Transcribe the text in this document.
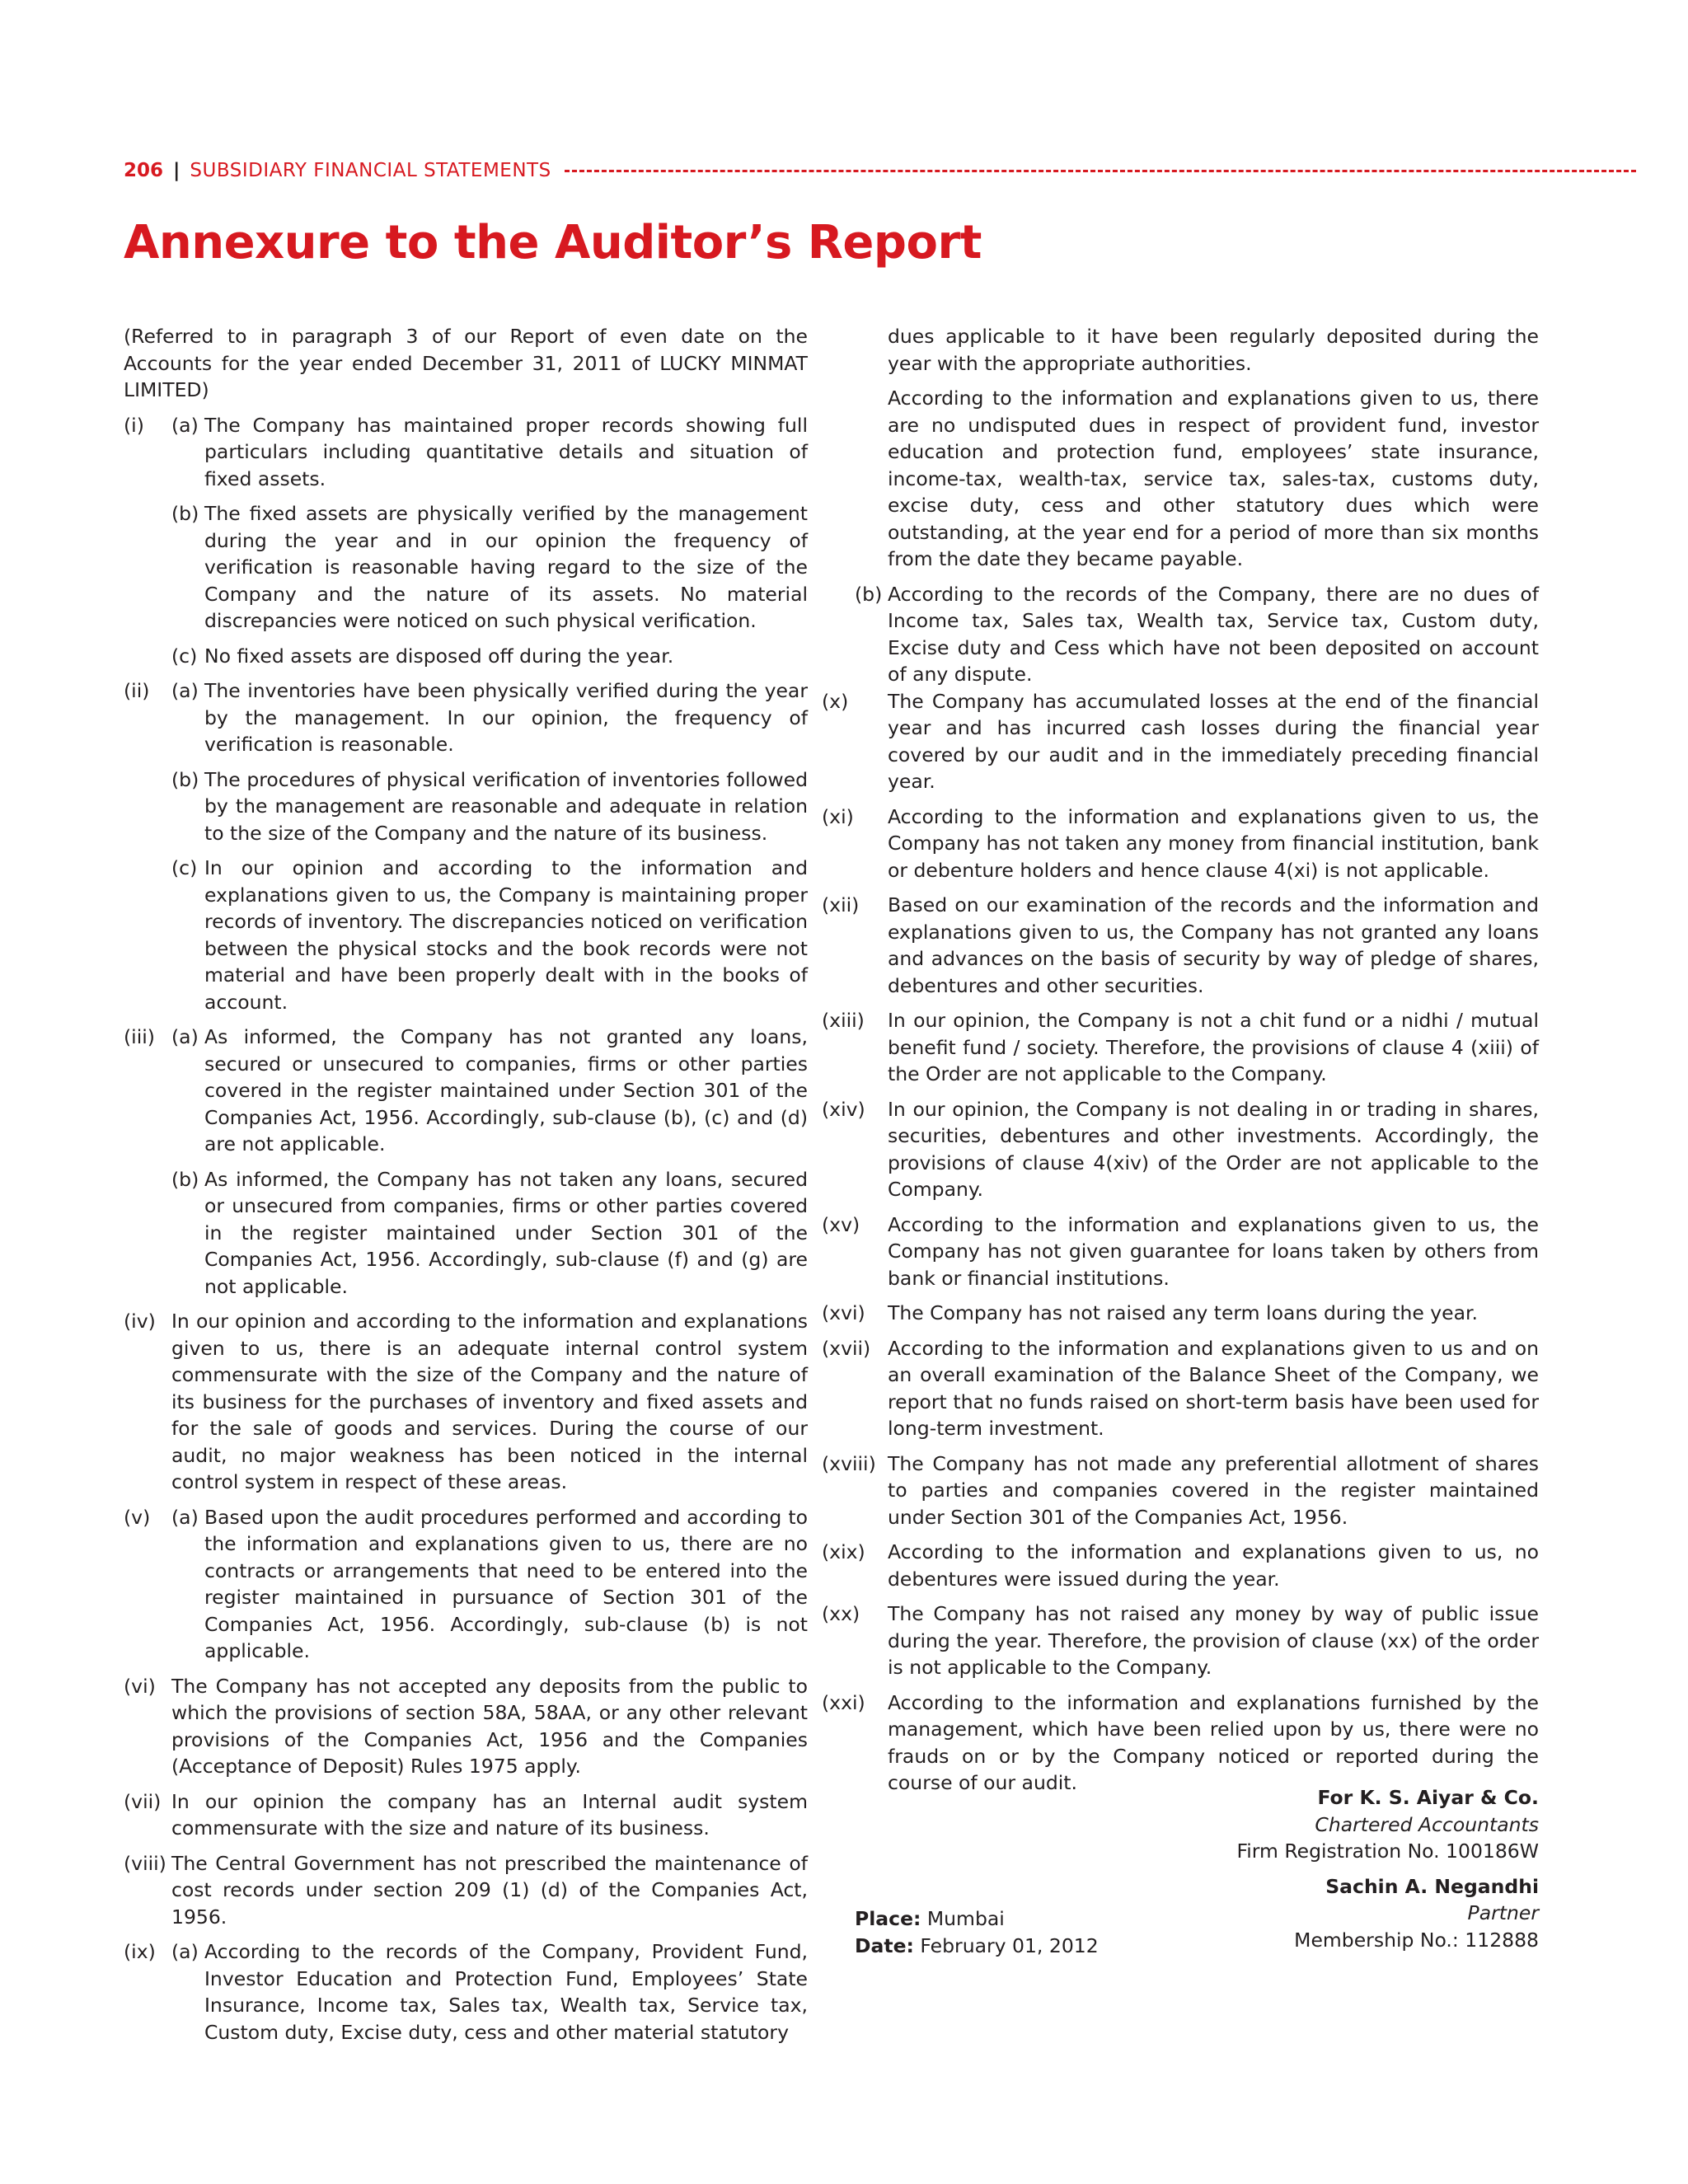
206 | SUBSIDIARY FINANCIAL STATEMENTS
Annexure to the Auditor’s Report

(Referred to in paragraph 3 of our Report of even date on the Accounts for the year ended December 31, 2011 of LUCKY MINMAT LIMITED)

(i)	(a) The Company has maintained proper records showing full particulars including quantitative details and situation of fixed assets.
(b) The fixed assets are physically verified by the management during the year and in our opinion the frequency of verification is reasonable having regard to the size of the Company and the nature of its assets. No material discrepancies were noticed on such physical verification.
(c) No fixed assets are disposed off during the year.
(ii)	(a) The inventories have been physically verified during the year by the management. In our opinion, the frequency of verification is reasonable.
(b) The procedures of physical verification of inventories followed by the management are reasonable and adequate in relation to the size of the Company and the nature of its business.
(c) In our opinion and according to the information and explanations given to us, the Company is maintaining proper records of inventory. The discrepancies noticed on verification between the physical stocks and the book records were not material and have been properly dealt with in the books of account.
(iii) (a) As informed, the Company has not granted any loans, secured or unsecured to companies, firms or other parties covered in the register maintained under Section 301 of the Companies Act, 1956. Accordingly, sub-clause (b), (c) and (d) are not applicable.
(b) As informed, the Company has not taken any loans, secured or unsecured from companies, firms or other parties covered in the register maintained under Section 301 of the Companies Act, 1956. Accordingly, sub-clause (f) and (g) are not applicable.
(iv) In our opinion and according to the information and explanations given to us, there is an adequate internal control system commensurate with the size of the Company and the nature of its business for the purchases of inventory and fixed assets and for the sale of goods and services. During the course of our audit, no major weakness has been noticed in the internal control system in respect of these areas.
(v)	(a) Based upon the audit procedures performed and according to the information and explanations given to us, there are no contracts or arrangements that need to be entered into the register maintained in pursuance of Section 301 of the Companies Act, 1956. Accordingly, sub-clause (b) is not applicable.
(vi) The Company has not accepted any deposits from the public to which the provisions of section 58A, 58AA, or any other relevant provisions of the Companies Act, 1956 and the Companies (Acceptance of Deposit) Rules 1975 apply.
(vii) In our opinion the company has an Internal audit system commensurate with the size and nature of its business.
(viii) The Central Government has not prescribed the maintenance of cost records under section 209 (1) (d) of the Companies Act, 1956.
(ix) (a) According to the records of the Company, Provident Fund, Investor Education and Protection Fund, Employees’ State Insurance, Income tax, Sales tax, Wealth tax, Service tax, Custom duty, Excise duty, cess and other material statutory

dues applicable to it have been regularly deposited during the year with the appropriate authorities.

According to the information and explanations given to us, there are no undisputed dues in respect of provident fund, investor education and protection fund, employees’ state insurance, income-tax, wealth-tax, service tax, sales-tax, customs duty, excise duty, cess and other statutory dues which were outstanding, at the year end for a period of more than six months from the date they became payable.

(b) According to the records of the Company, there are no dues of Income tax, Sales tax, Wealth tax, Service tax, Custom duty, Excise duty and Cess which have not been deposited on account of any dispute.
(x)	The Company has accumulated losses at the end of the financial year and has incurred cash losses during the financial year covered by our audit and in the immediately preceding financial year.
(xi)	According to the information and explanations given to us, the Company has not taken any money from financial institution, bank or debenture holders and hence clause 4(xi) is not applicable.
(xii)	Based on our examination of the records and the information and explanations given to us, the Company has not granted any loans and advances on the basis of security by way of pledge of shares, debentures and other securities.
(xiii)	In our opinion, the Company is not a chit fund or a nidhi / mutual benefit fund / society. Therefore, the provisions of clause 4 (xiii) of the Order are not applicable to the Company.
(xiv)	In our opinion, the Company is not dealing in or trading in shares, securities, debentures and other investments. Accordingly, the provisions of clause 4(xiv) of the Order are not applicable to the Company.
(xv)	According to the information and explanations given to us, the Company has not given guarantee for loans taken by others from bank or financial institutions.
(xvi)	The Company has not raised any term loans during the year.
(xvii) According to the information and explanations given to us and on an overall examination of the Balance Sheet of the Company, we report that no funds raised on short-term basis have been used for long-term investment.
(xviii) The Company has not made any preferential allotment of shares to parties and companies covered in the register maintained under Section 301 of the Companies Act, 1956.
(xix)	According to the information and explanations given to us, no debentures were issued during the year.
(xx)	The Company has not raised any money by way of public issue during the year. Therefore, the provision of clause (xx) of the order is not applicable to the Company.
(xxi)	According to the information and explanations furnished by the management, which have been relied upon by us, there were no frauds on or by the Company noticed or reported during the course of our audit.
For K. S. Aiyar & Co.
Chartered Accountants
Firm Registration No. 100186W
Sachin A. Negandhi
Partner
Membership No.: 112888
Place: Mumbai
Date: February 01, 2012
